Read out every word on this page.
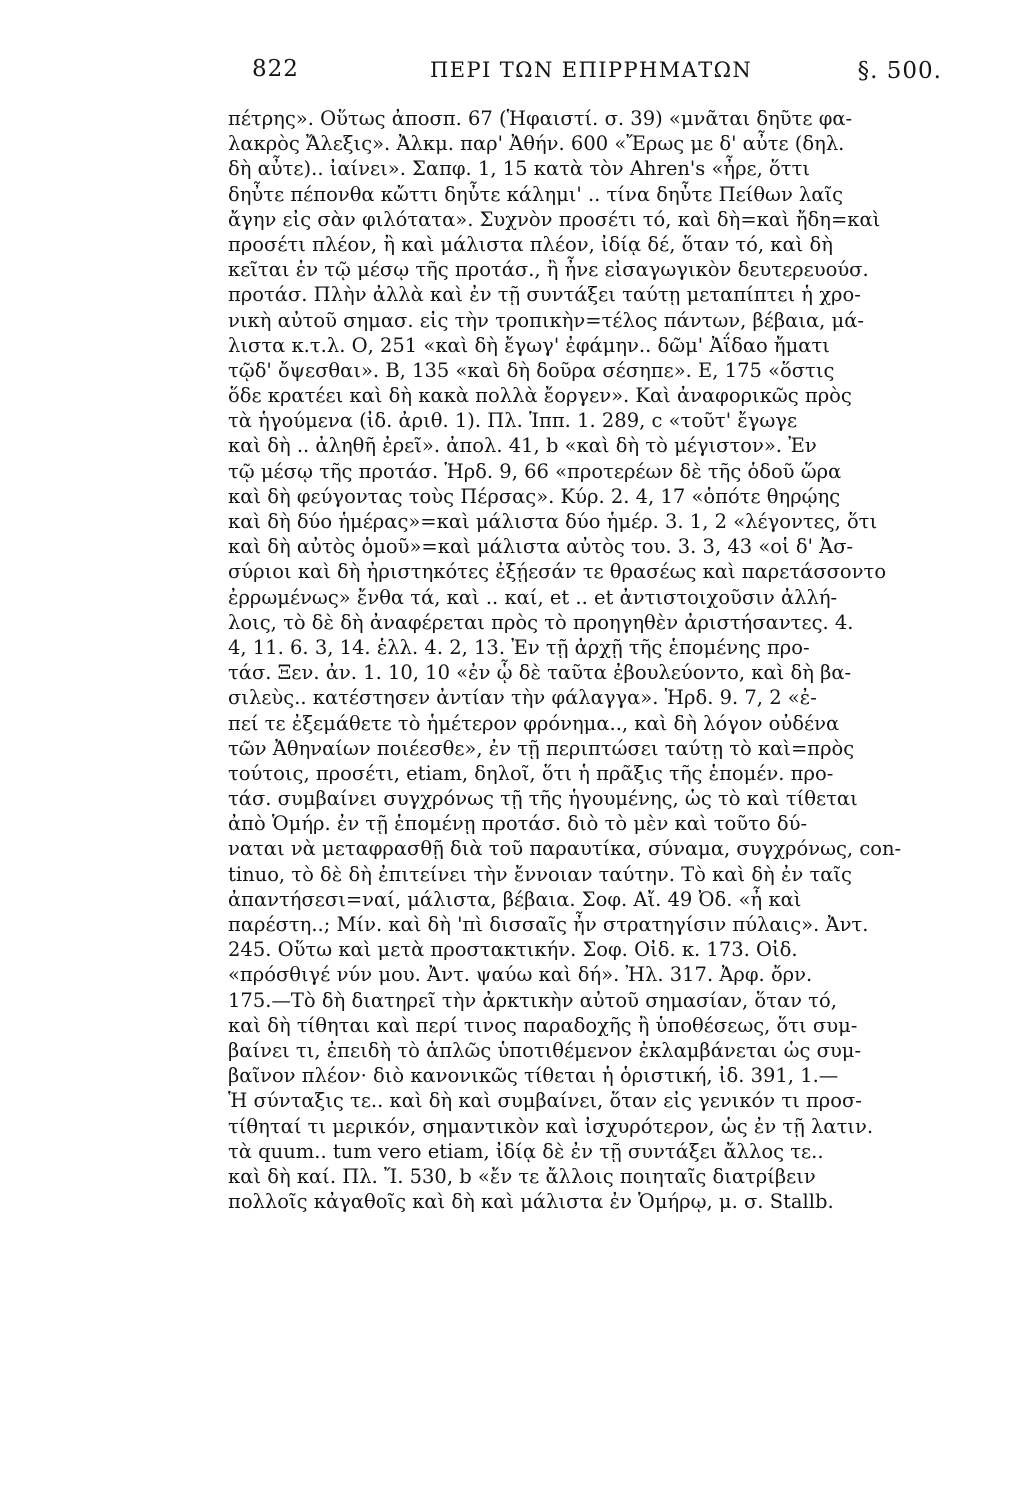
822	ΠΕΡΙ ΤΩΝ ΕΠΙΡΡΗΜΑΤΩΝ	§. 500.
πέτρης». Οὕτως ἀποσπ. 67 (Ἡφαιστί. σ. 39) «μνᾶται δηῦτε φα-
λακρὸς Ἄλεξις». Ἀλκμ. παρ' Ἀθήν. 600 «Ἔρως με δ' αὖτε (δηλ.
δὴ αὖτε).. ἰαίνει». Σαπφ. 1, 15 κατὰ τὸν Ahren's «ἦρε, ὅττι
δηὖτε πέπονθα κὤττι δηὖτε κάλημι' .. τίνα δηὖτε Πείθων λαῖς
ἄγην εἰς σὰν φιλότατα». Συχνὸν προσέτι τό, καὶ δὴ=καὶ ἤδη=καὶ
προσέτι πλέον, ἢ καὶ μάλιστα πλέον, ἰδίᾳ δέ, ὅταν τό, καὶ δὴ
κεῖται ἐν τῷ μέσῳ τῆς προτάσ., ἢ ἦνε εἰσαγωγικὸν δευτερευούσ.
προτάσ. Πλὴν ἀλλὰ καὶ ἐν τῇ συντάξει ταύτῃ μεταπίπτει ἡ χρο-
νικὴ αὐτοῦ σημασ. εἰς τὴν τροπικὴν=τέλος πάντων, βέβαια, μά-
λιστα κ.τ.λ. Ο, 251 «καὶ δὴ ἔγωγ' ἐφάμην.. δῶμ' Ἀΐδαο ἤματι
τῷδ' ὄψεσθαι». Β, 135 «καὶ δὴ δοῦρα σέσηπε». Ε, 175 «ὅστις
ὅδε κρατέει καὶ δὴ κακὰ πολλὰ ἔοργεν». Καὶ ἀναφορικῶς πρὸς
τὰ ἡγούμενα (ἰδ. ἀριθ. 1). Πλ. Ἱππ. 1. 289, c «τοῦτ' ἔγωγε
καὶ δὴ .. ἀληθῆ ἐρεῖ». ἀπολ. 41, b «καὶ δὴ τὸ μέγιστον». Ἐν
τῷ μέσῳ τῆς προτάσ. Ἡρδ. 9, 66 «προτερέων δὲ τῆς ὁδοῦ ὥρα
καὶ δὴ φεύγοντας τοὺς Πέρσας». Κύρ. 2. 4, 17 «ὁπότε θηρῴης
καὶ δὴ δύο ἡμέρας»=καὶ μάλιστα δύο ἡμέρ. 3. 1, 2 «λέγοντες, ὅτι
καὶ δὴ αὐτὸς ὁμοῦ»=καὶ μάλιστα αὐτὸς του. 3. 3, 43 «οἱ δ' Ἀσ-
σύριοι καὶ δὴ ἠριστηκότες ἐξῄεσάν τε θρασέως καὶ παρετάσσοντο
ἐρρωμένως» ἔνθα τά, καὶ .. καί, et .. et ἀντιστοιχοῦσιν ἀλλή-
λοις, τὸ δὲ δὴ ἀναφέρεται πρὸς τὸ προηγηθὲν ἀριστήσαντες. 4.
4, 11. 6. 3, 14. ἑλλ. 4. 2, 13. Ἐν τῇ ἀρχῇ τῆς ἑπομένης προ-
τάσ. Ξεν. ἀν. 1. 10, 10 «ἐν ᾧ δὲ ταῦτα ἐβουλεύοντο, καὶ δὴ βα-
σιλεὺς.. κατέστησεν ἀντίαν τὴν φάλαγγα». Ἡρδ. 9. 7, 2 «ἐ-
πεί τε ἐξεμάθετε τὸ ἡμέτερον φρόνημα.., καὶ δὴ λόγον οὐδένα
τῶν Ἀθηναίων ποιέεσθε», ἐν τῇ περιπτώσει ταύτῃ τὸ καὶ=πρὸς
τούτοις, προσέτι, etiam, δηλοῖ, ὅτι ἡ πρᾶξις τῆς ἑπομέν. προ-
τάσ. συμβαίνει συγχρόνως τῇ τῆς ἡγουμένης, ὡς τὸ καὶ τίθεται
ἀπὸ Ὁμήρ. ἐν τῇ ἑπομένῃ προτάσ. διὸ τὸ μὲν καὶ τοῦτο δύ-
ναται νὰ μεταφρασθῇ διὰ τοῦ παραυτίκα, σύναμα, συγχρόνως, con-
tinuo, τὸ δὲ δὴ ἐπιτείνει τὴν ἔννοιαν ταύτην. Τὸ καὶ δὴ ἐν ταῖς
ἀπαντήσεσι=ναί, μάλιστα, βέβαια. Σοφ. Αἴ. 49 Ὀδ. «ἦ καὶ
παρέστη..; Μίν. καὶ δὴ 'πὶ δισσαῖς ἦν στρατηγίσιν πύλαις». Ἀντ.
245. Οὕτω καὶ μετὰ προστακτικήν. Σοφ. Οἰδ. κ. 173. Οἰδ.
«πρόσθιγέ νύν μου. Ἀντ. ψαύω καὶ δή». Ἠλ. 317. Ἀρφ. ὄρν.
175.—Τὸ δὴ διατηρεῖ τὴν ἀρκτικὴν αὐτοῦ σημασίαν, ὅταν τό,
καὶ δὴ τίθηται καὶ περί τινος παραδοχῆς ἢ ὑποθέσεως, ὅτι συμ-
βαίνει τι, ἐπειδὴ τὸ ἁπλῶς ὑποτιθέμενον ἐκλαμβάνεται ὡς συμ-
βαῖνον πλέον· διὸ κανονικῶς τίθεται ἡ ὁριστική, ἰδ. 391, 1.—
Ἡ σύνταξις τε.. καὶ δὴ καὶ συμβαίνει, ὅταν εἰς γενικόν τι προσ-
τίθηταί τι μερικόν, σημαντικὸν καὶ ἰσχυρότερον, ὡς ἐν τῇ λατιν.
τὰ quum.. tum vero etiam, ἰδίᾳ δὲ ἐν τῇ συντάξει ἄλλος τε..
καὶ δὴ καί. Πλ. Ἴ. 530, b «ἔν τε ἄλλοις ποιηταῖς διατρίβειν
πολλοῖς κἀγαθοῖς καὶ δὴ καὶ μάλιστα ἐν Ὁμήρῳ, μ. σ. Stallb.
